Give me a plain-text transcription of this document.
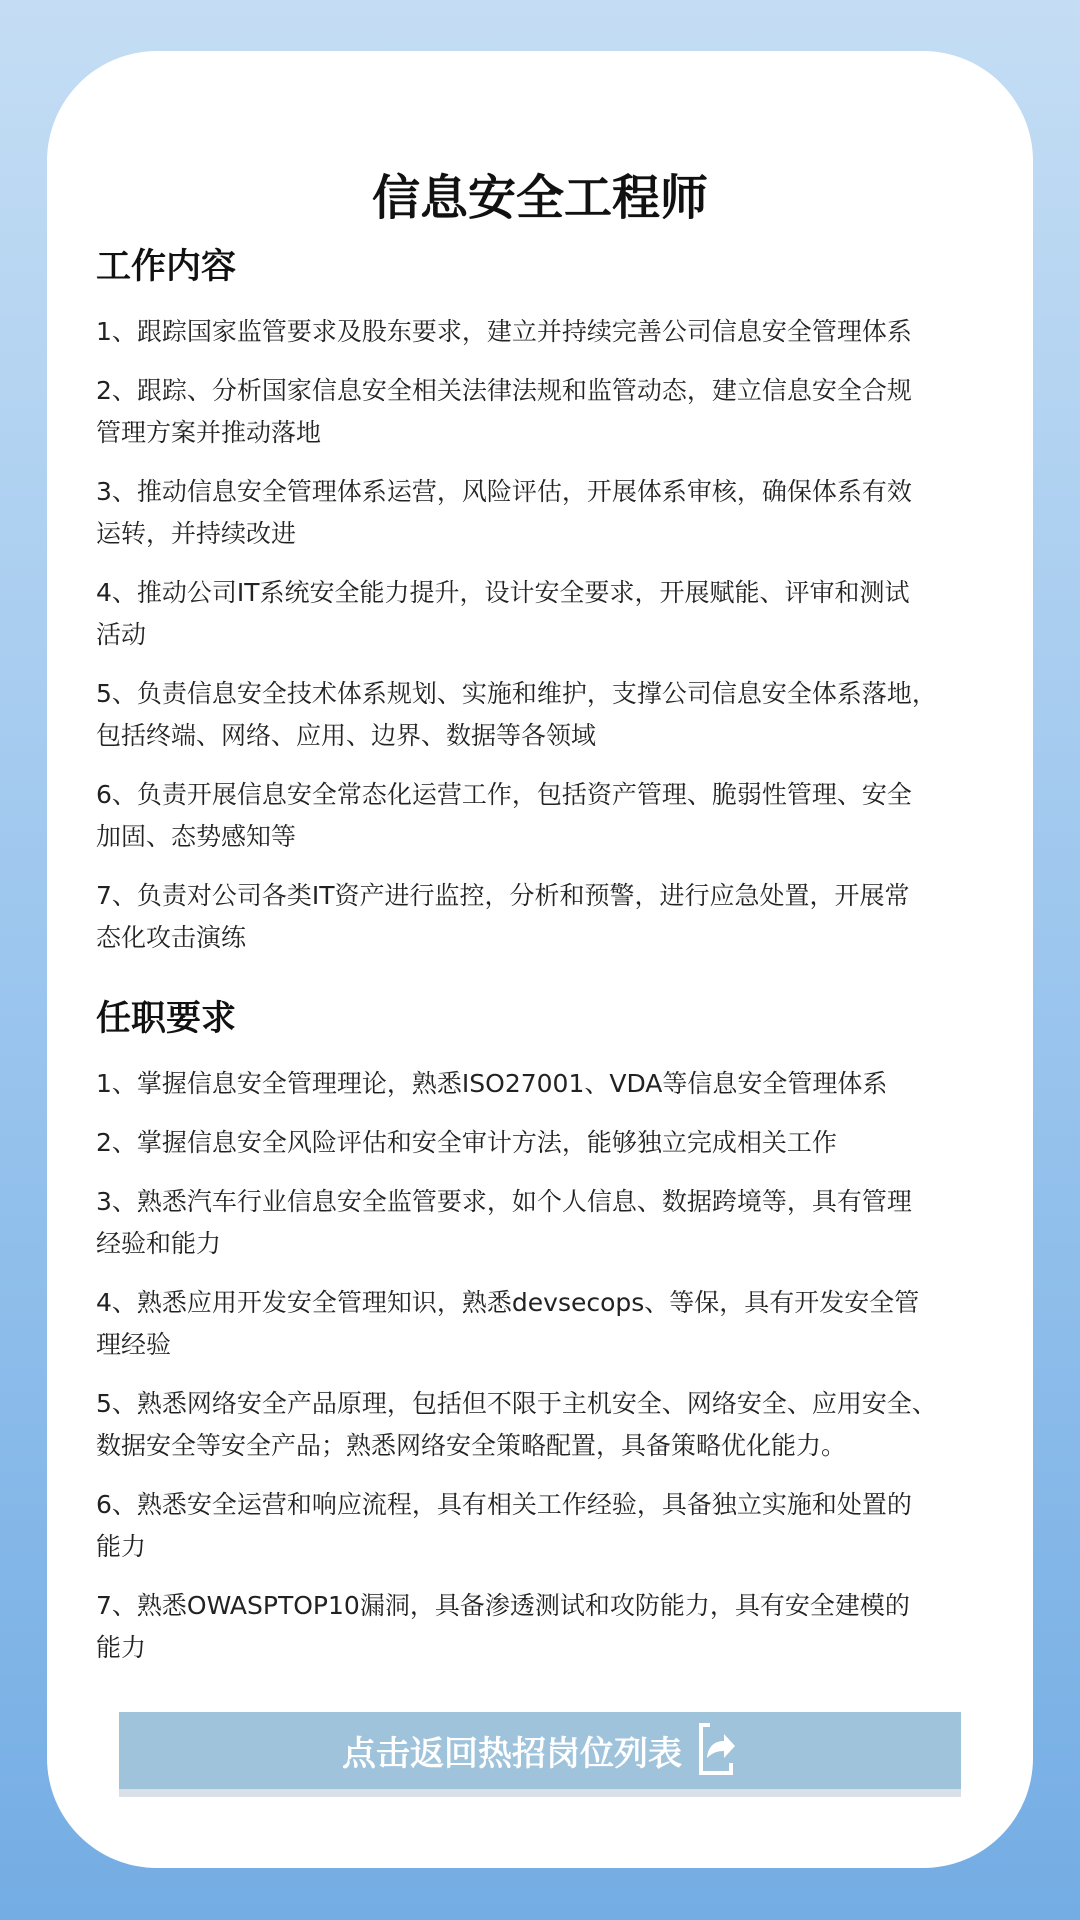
信息安全工程师
工作内容
1、跟踪国家监管要求及股东要求，建立并持续完善公司信息安全管理体系
2、跟踪、分析国家信息安全相关法律法规和监管动态，建立信息安全合规
管理方案并推动落地
3、推动信息安全管理体系运营，风险评估，开展体系审核，确保体系有效
运转，并持续改进
4、推动公司IT系统安全能力提升，设计安全要求，开展赋能、评审和测试
活动
5、负责信息安全技术体系规划、实施和维护，支撑公司信息安全体系落地，
包括终端、网络、应用、边界、数据等各领域
6、负责开展信息安全常态化运营工作，包括资产管理、脆弱性管理、安全
加固、态势感知等
7、负责对公司各类IT资产进行监控，分析和预警，进行应急处置，开展常
态化攻击演练
任职要求
1、掌握信息安全管理理论，熟悉ISO27001、VDA等信息安全管理体系
2、掌握信息安全风险评估和安全审计方法，能够独立完成相关工作
3、熟悉汽车行业信息安全监管要求，如个人信息、数据跨境等，具有管理
经验和能力
4、熟悉应用开发安全管理知识，熟悉devsecops、等保，具有开发安全管
理经验
5、熟悉网络安全产品原理，包括但不限于主机安全、网络安全、应用安全、
数据安全等安全产品；熟悉网络安全策略配置，具备策略优化能力。
6、熟悉安全运营和响应流程，具有相关工作经验，具备独立实施和处置的
能力
7、熟悉OWASPTOP10漏洞，具备渗透测试和攻防能力，具有安全建模的
能力
点击返回热招岗位列表
